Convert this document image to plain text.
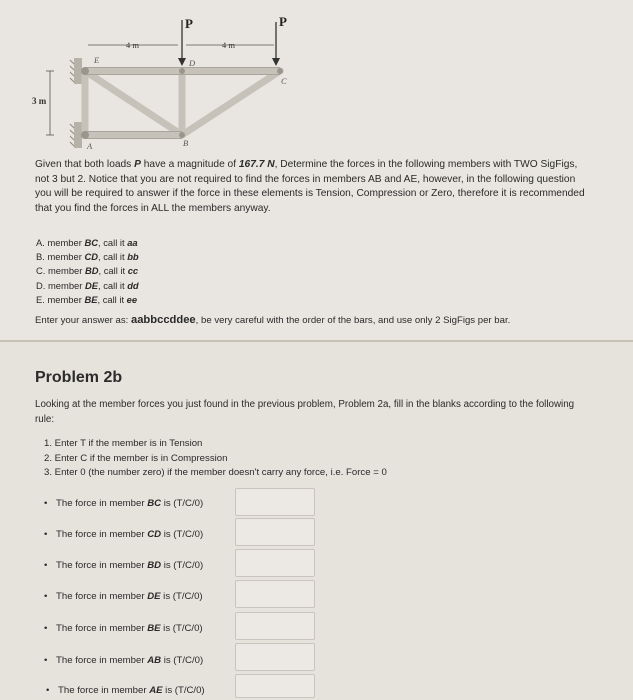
P	P
4 m	4 m
3 m
E	D
C
A	B
Given that both loads P have a magnitude of 167.7 N, Determine the forces in the following members with TWO SigFigs, not 3 but 2. Notice that you are not required to find the forces in members AB and AE, however, in the following question you will be required to answer if the force in these elements is Tension, Compression or Zero, therefore it is recommended that you find the forces in ALL the members anyway.
A. member BC, call it aa
B. member CD, call it bb
C. member BD, call it cc
D. member DE, call it dd
E. member BE, call it ee
Enter your answer as: aabbccddee, be very careful with the order of the bars, and use only 2 SigFigs per bar.
Problem 2b
Looking at the member forces you just found in the previous problem, Problem 2a, fill in the blanks according to the following rule:
1. Enter T if the member is in Tension
2. Enter C if the member is in Compression
3. Enter 0 (the number zero) if the member doesn't carry any force, i.e. Force = 0
• The force in member BC is (T/C/0)
• The force in member CD is (T/C/0)
• The force in member BD is (T/C/0)
• The force in member DE is (T/C/0)
• The force in member BE is (T/C/0)
• The force in member AB is (T/C/0)
• The force in member AE is (T/C/0)
